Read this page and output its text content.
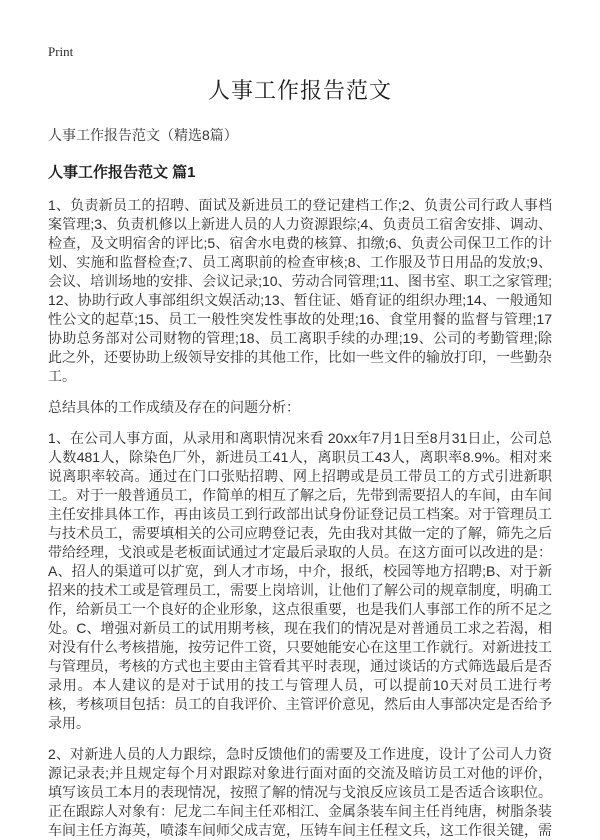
Print

人事工作报告范文

人事工作报告范文（精选8篇）

人事工作报告范文 篇1

1、负责新员工的招聘、面试及新进员工的登记建档工作;2、负责公司行政人事档案管理;3、负责机修以上新进人员的人力资源跟综;4、负责员工宿舍安排、调动、检查，及文明宿舍的评比;5、宿舍水电费的核算、扣缴;6、负责公司保卫工作的计划、实施和监督检查;7、员工离职前的检查审核;8、工作服及节日用品的发放;9、会议、培训场地的安排、会议记录;10、劳动合同管理;11、图书室、职工之家管理;12、协助行政人事部组织文娱活动;13、暂住证、婚育证的组织办理;14、一般通知性公文的起草;15、员工一般性突发性事故的处理;16、食堂用餐的监督与管理;17协助总务部对公司财物的管理;18、员工离职手续的办理;19、公司的考勤管理;除此之外，还要协助上级领导安排的其他工作，比如一些文件的输放打印，一些勤杂工。

总结具体的工作成绩及存在的问题分析：

1、在公司人事方面，从录用和离职情况来看 20xx年7月1日至8月31日止，公司总人数481人，除染色厂外，新进员工41人，离职员工43人，离职率8.9%。相对来说离职率较高。通过在门口张贴招聘、网上招聘或是员工带员工的方式引进新职工。对于一般普通员工，作简单的相互了解之后，先带到需要招人的车间，由车间主任安排具体工作，再由该员工到行政部出试身份证登记员工档案。对于管理员工与技术员工，需要填相关的公司应聘登记表，先由我对其做一定的了解，筛先之后带给经理，戈浪或是老板面试通过才定最后录取的人员。在这方面可以改进的是：A、招人的渠道可以扩宽，到人才市场，中介，报纸，校园等地方招聘;B、对于新招来的技术工或是管理员工，需要上岗培训，让他们了解公司的规章制度，明确工作，给新员工一个良好的企业形象，这点很重要，也是我们人事部工作的所不足之处。C、增强对新员工的试用期考核，现在我们的情况是对普通员工求之若渴，相对没有什么考核措施，按劳记件工资，只要她能安心在这里工作就行。对新进技工与管理员，考核的方式也主要由主管看其平时表现，通过谈话的方式筛选最后是否录用。本人建议的是对于试用的技工与管理人员，可以提前10天对员工进行考核，考核项目包括：员工的自我评价、主管评价意见，然后由人事部决定是否给予录用。

2、对新进人员的人力跟综，急时反馈他们的需要及工作进度，设计了公司人力资源记录表;并且规定每个月对跟踪对象进行面对面的交流及暗访员工对他的评价，填写该员工本月的表现情况，按照了解的情况与戈浪反应该员工是否适合该职位。正在跟踪人对象有：尼龙二车间主任邓相江、金属条装车间主任肖纯唐，树脂条装车间主任方海英，喷漆车间师父成吉宽，压铸车间主任程文兵，这工作很关键，需
